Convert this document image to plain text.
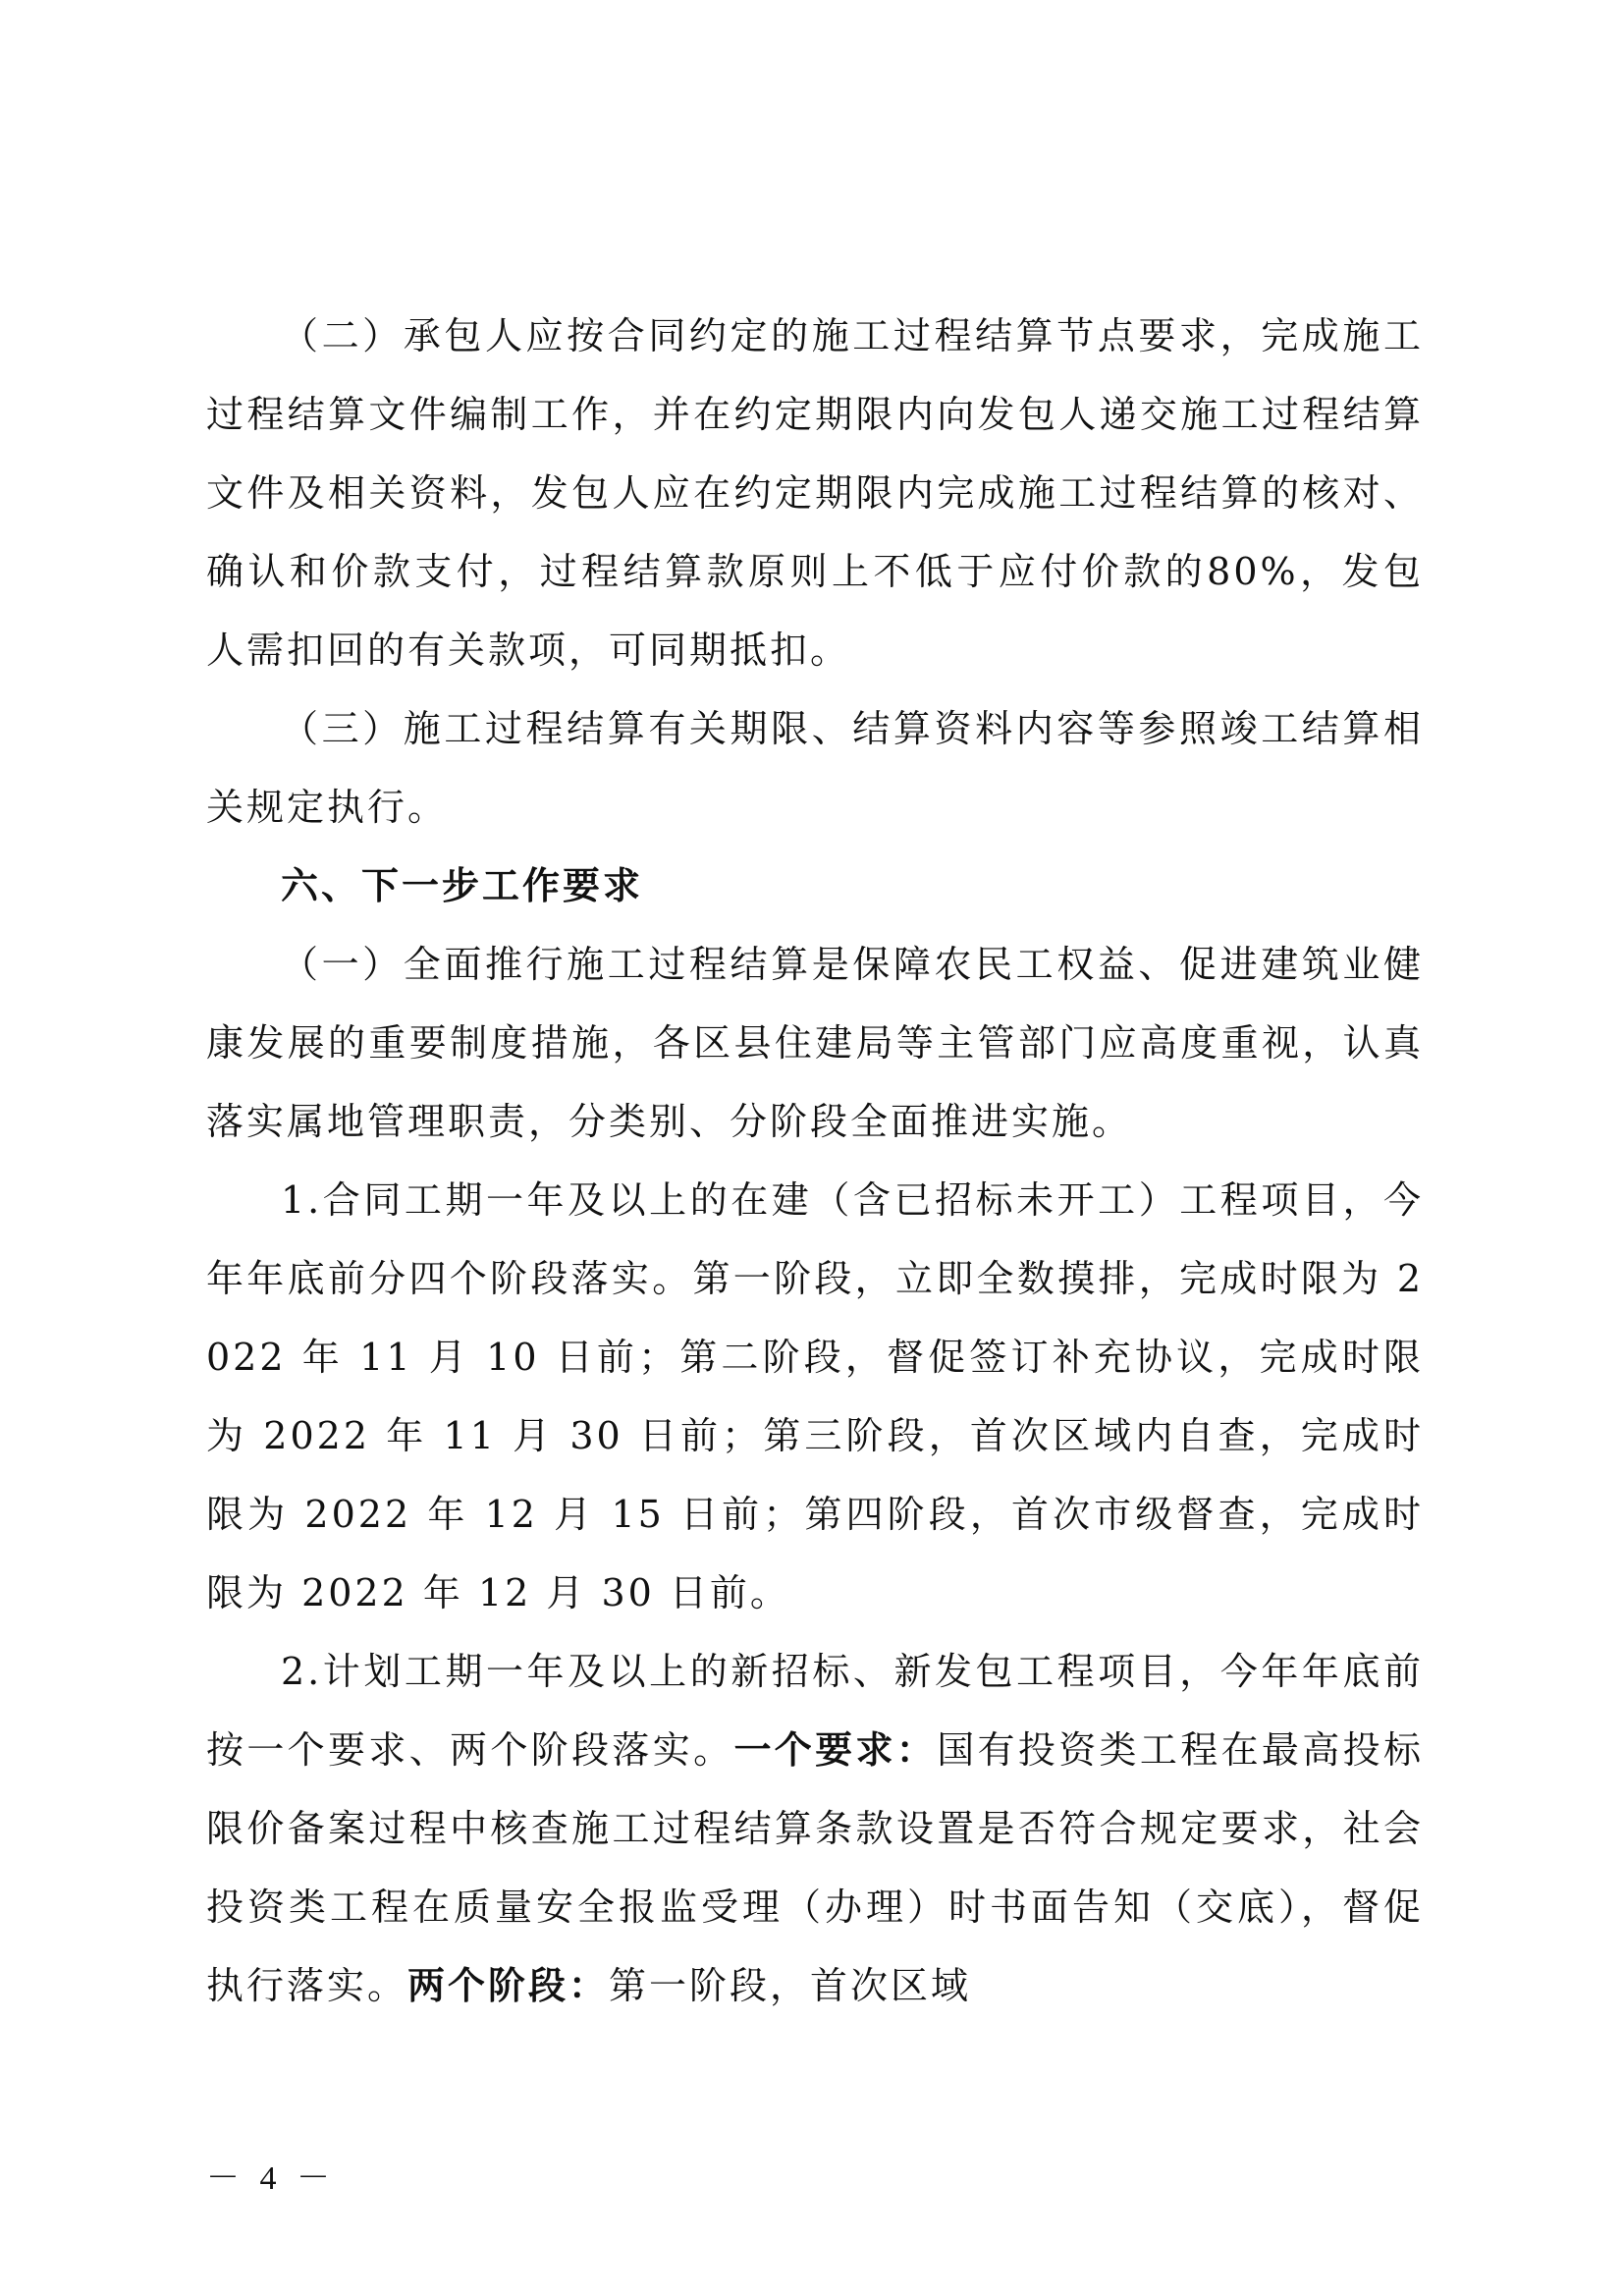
（二）承包人应按合同约定的施工过程结算节点要求，完成施工过程结算文件编制工作，并在约定期限内向发包人递交施工过程结算文件及相关资料，发包人应在约定期限内完成施工过程结算的核对、确认和价款支付，过程结算款原则上不低于应付价款的80%，发包人需扣回的有关款项，可同期抵扣。

（三）施工过程结算有关期限、结算资料内容等参照竣工结算相关规定执行。

六、下一步工作要求

（一）全面推行施工过程结算是保障农民工权益、促进建筑业健康发展的重要制度措施，各区县住建局等主管部门应高度重视，认真落实属地管理职责，分类别、分阶段全面推进实施。

1.合同工期一年及以上的在建（含已招标未开工）工程项目，今年年底前分四个阶段落实。第一阶段，立即全数摸排，完成时限为 2022 年 11 月 10 日前；第二阶段，督促签订补充协议，完成时限为 2022 年 11 月 30 日前；第三阶段，首次区域内自查，完成时限为 2022 年 12 月 15 日前；第四阶段，首次市级督查，完成时限为 2022 年 12 月 30 日前。

2.计划工期一年及以上的新招标、新发包工程项目，今年年底前按一个要求、两个阶段落实。一个要求：国有投资类工程在最高投标限价备案过程中核查施工过程结算条款设置是否符合规定要求，社会投资类工程在质量安全报监受理（办理）时书面告知（交底），督促执行落实。两个阶段：第一阶段，首次区域

－ 4 －
